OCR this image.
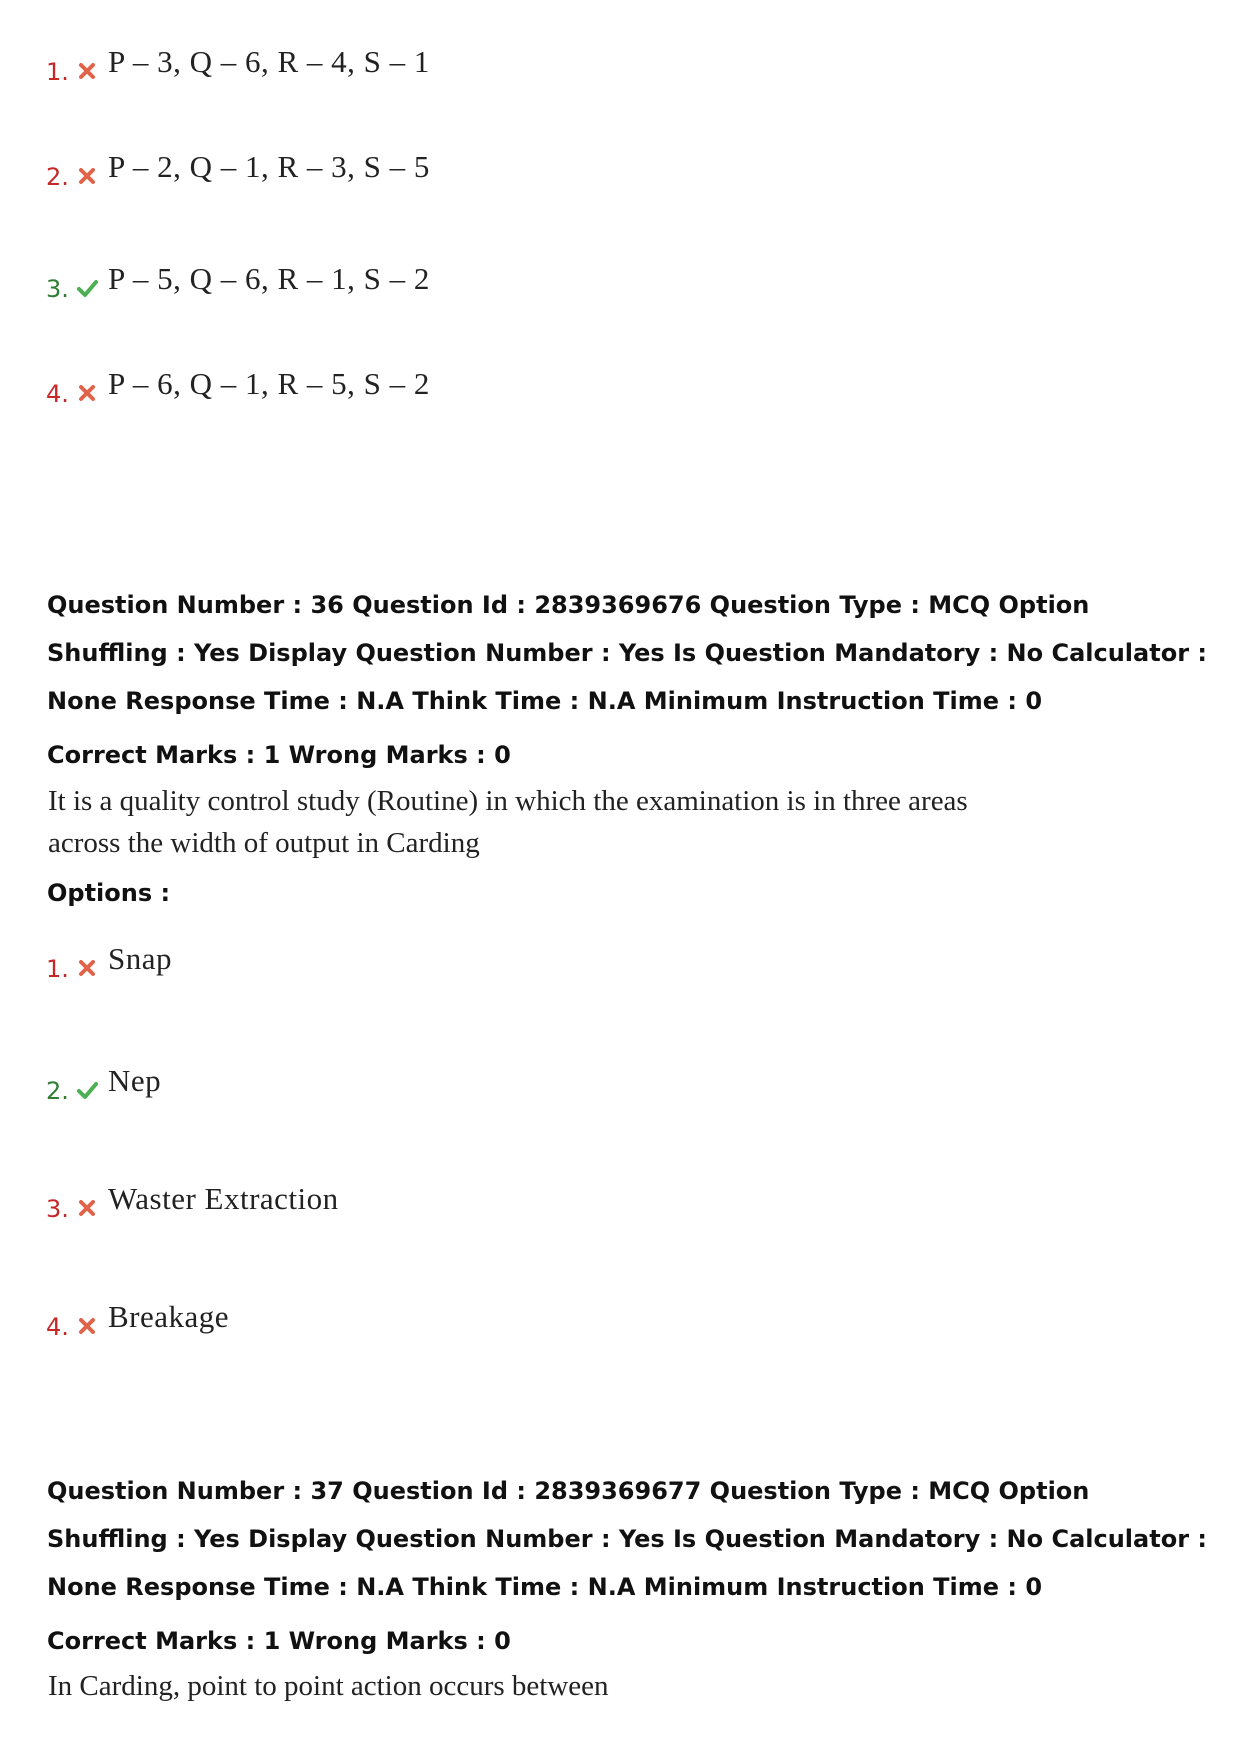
1. P – 3, Q – 6, R – 4, S – 1
2. P – 2, Q – 1, R – 3, S – 5
3. P – 5, Q – 6, R – 1, S – 2
4. P – 6, Q – 1, R – 5, S – 2
Question Number : 36 Question Id : 2839369676 Question Type : MCQ Option Shuffling : Yes Display Question Number : Yes Is Question Mandatory : No Calculator : None Response Time : N.A Think Time : N.A Minimum Instruction Time : 0
Correct Marks : 1 Wrong Marks : 0
It is a quality control study (Routine) in which the examination is in three areas
across the width of output in Carding
Options :
1. Snap
2. Nep
3. Waster Extraction
4. Breakage
Question Number : 37 Question Id : 2839369677 Question Type : MCQ Option Shuffling : Yes Display Question Number : Yes Is Question Mandatory : No Calculator : None Response Time : N.A Think Time : N.A Minimum Instruction Time : 0
Correct Marks : 1 Wrong Marks : 0
In Carding, point to point action occurs between
